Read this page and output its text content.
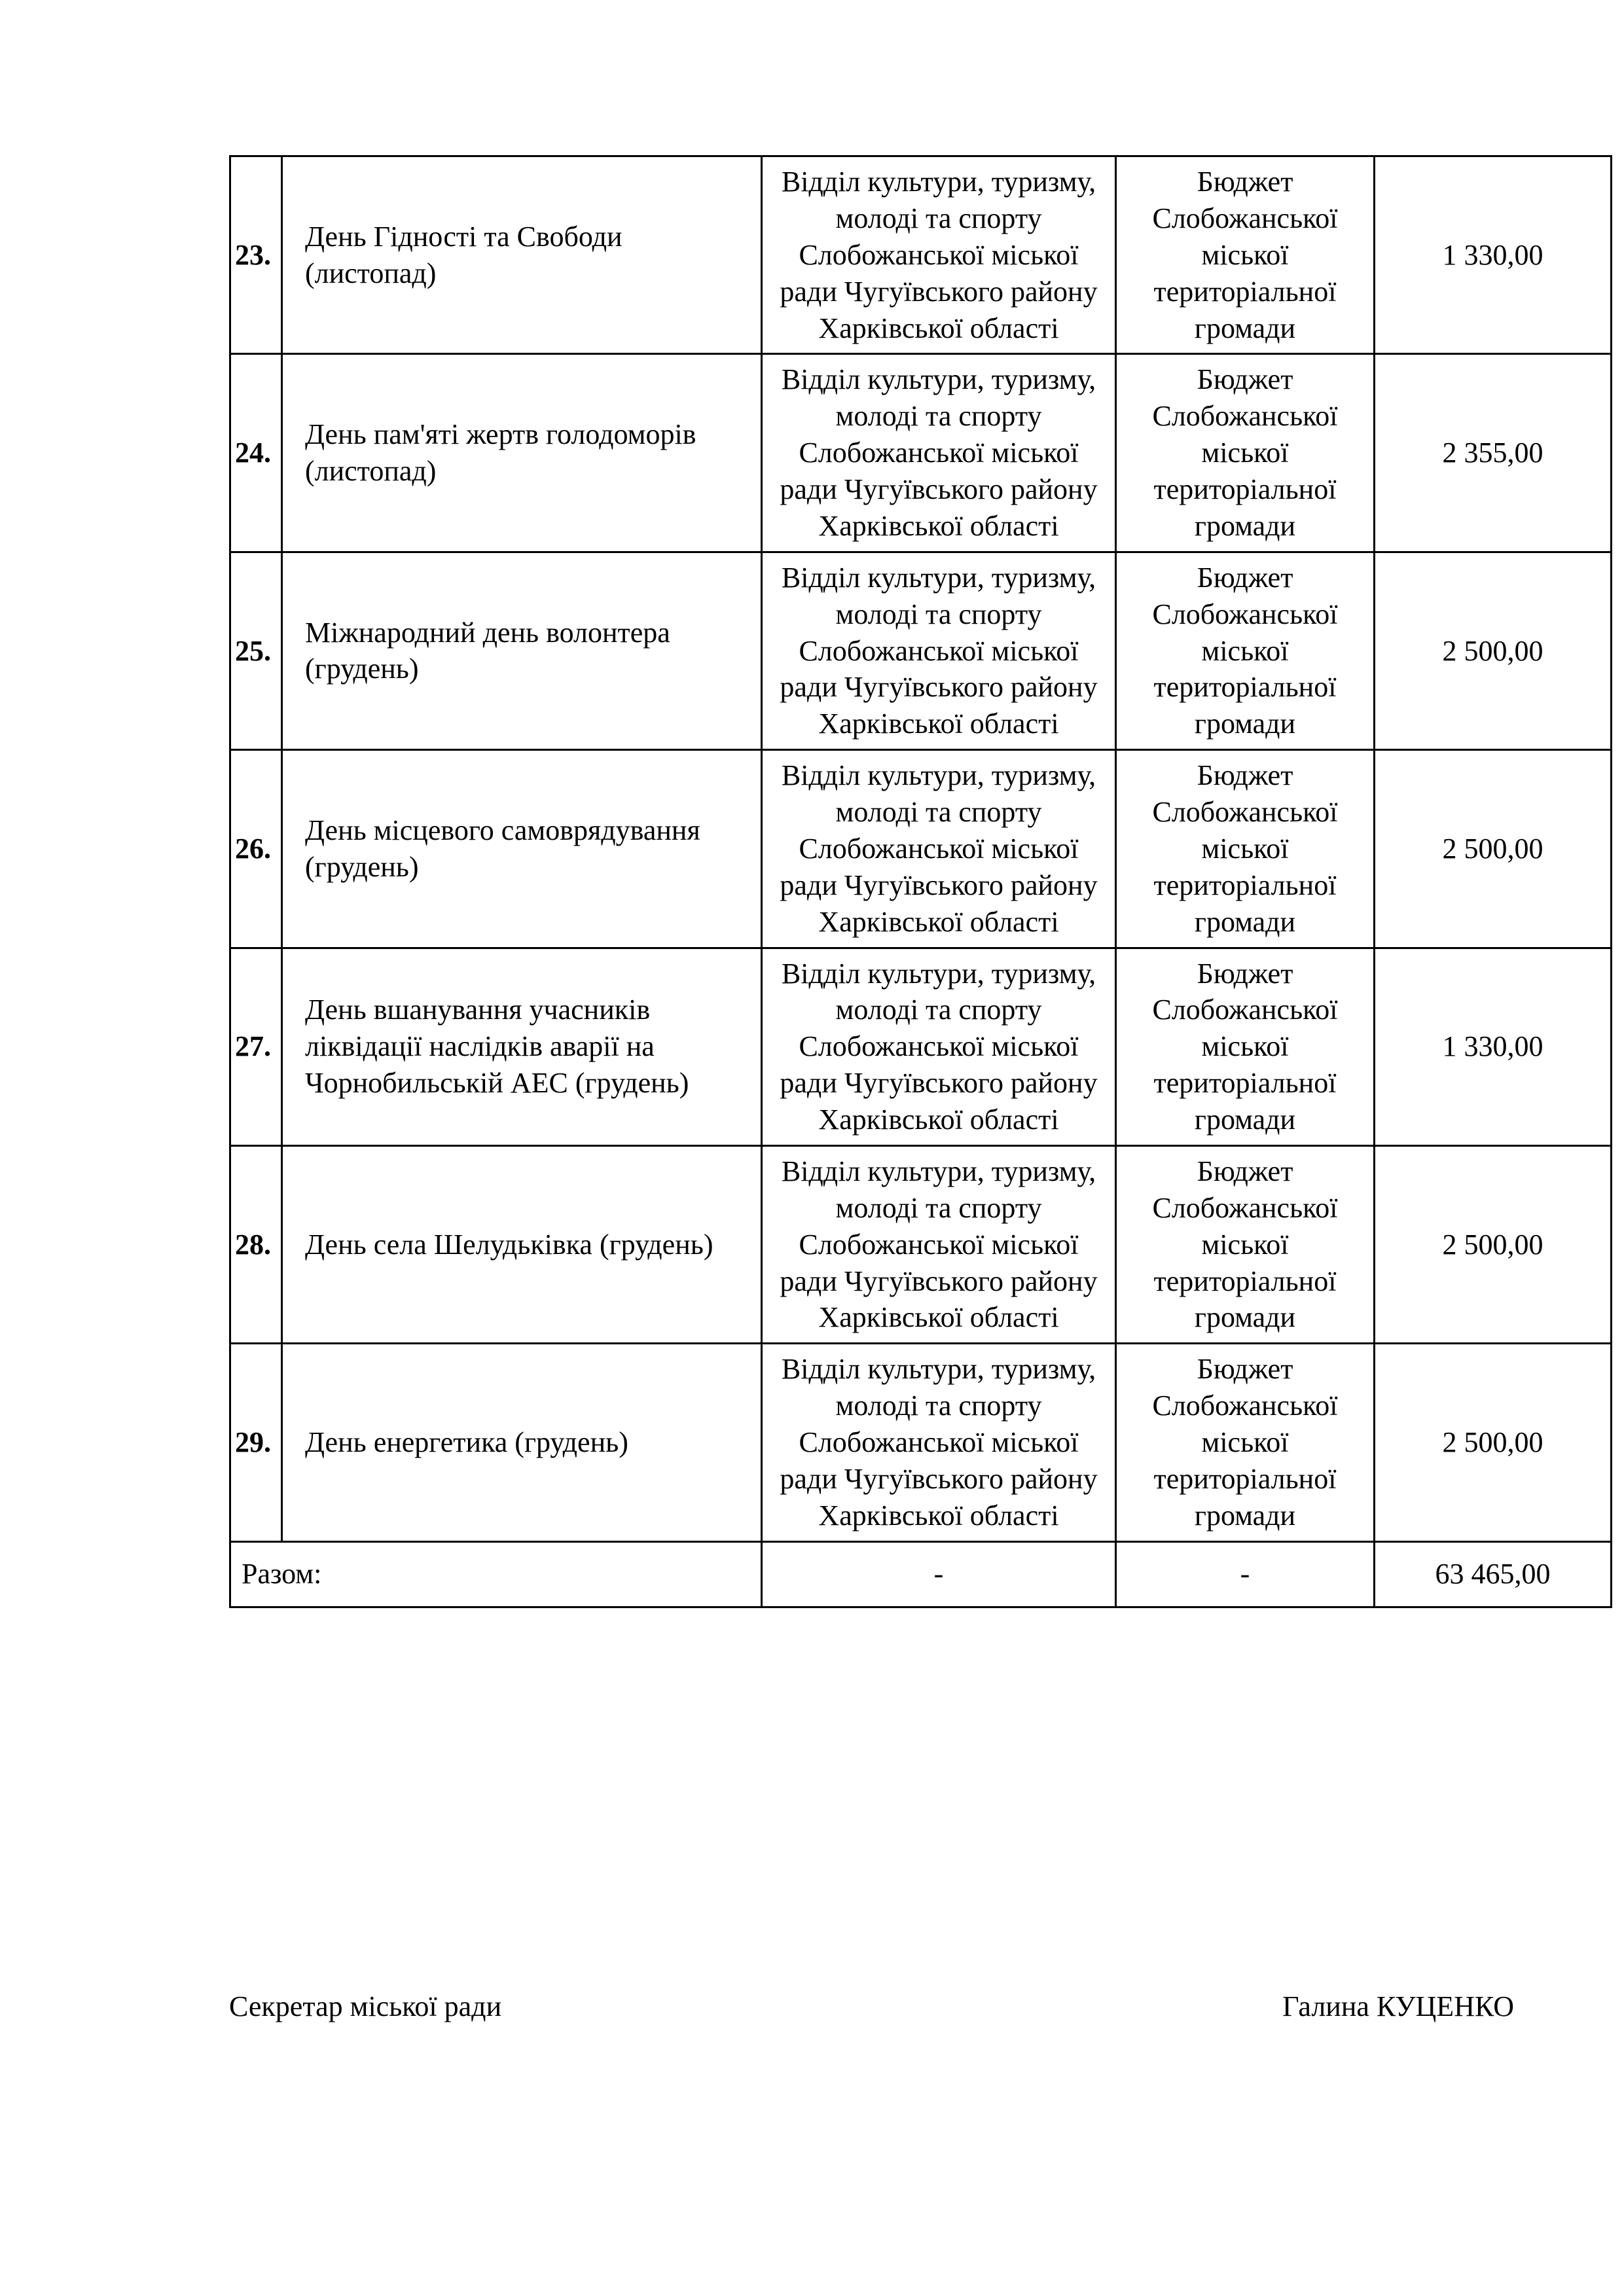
23.	День Гідності та Свободи (листопад)	Відділ культури, туризму, молоді та спорту Слобожанської міської ради Чугуївського району Харківської області	Бюджет Слобожанської міської територіальної громади	1 330,00
24.	День пам'яті жертв голодоморів (листопад)	Відділ культури, туризму, молоді та спорту Слобожанської міської ради Чугуївського району Харківської області	Бюджет Слобожанської міської територіальної громади	2 355,00
25.	Міжнародний день волонтера (грудень)	Відділ культури, туризму, молоді та спорту Слобожанської міської ради Чугуївського району Харківської області	Бюджет Слобожанської міської територіальної громади	2 500,00
26.	День місцевого самоврядування (грудень)	Відділ культури, туризму, молоді та спорту Слобожанської міської ради Чугуївського району Харківської області	Бюджет Слобожанської міської територіальної громади	2 500,00
27.	День вшанування учасників ліквідації наслідків аварії на Чорнобильській АЕС (грудень)	Відділ культури, туризму, молоді та спорту Слобожанської міської ради Чугуївського району Харківської області	Бюджет Слобожанської міської територіальної громади	1 330,00
28.	День села Шелудьківка (грудень)	Відділ культури, туризму, молоді та спорту Слобожанської міської ради Чугуївського району Харківської області	Бюджет Слобожанської міської територіальної громади	2 500,00
29.	День енергетика (грудень)	Відділ культури, туризму, молоді та спорту Слобожанської міської ради Чугуївського району Харківської області	Бюджет Слобожанської міської територіальної громади	2 500,00
Разом:		-	-	63 465,00
Секретар міської ради	Галина КУЦЕНКО
